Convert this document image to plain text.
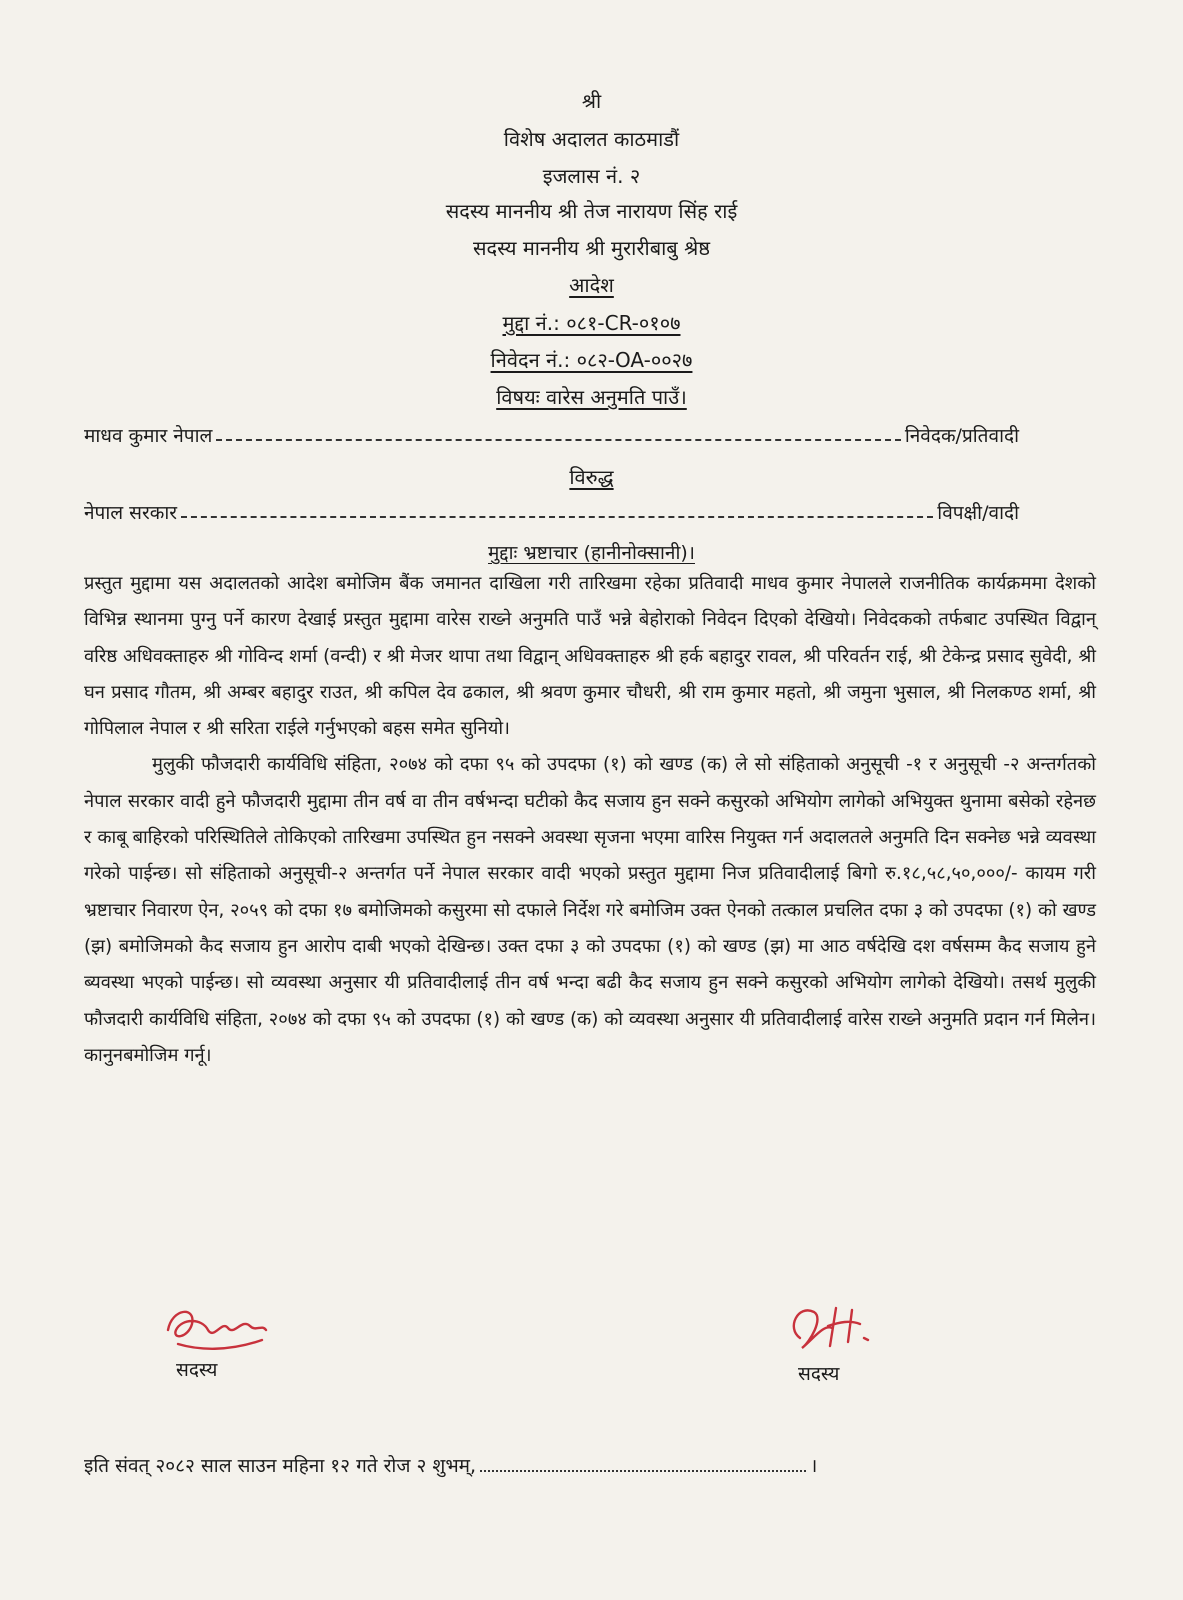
श्री
विशेष अदालत काठमाडौं
इजलास नं. २
सदस्य माननीय श्री तेज नारायण सिंह राई
सदस्य माननीय श्री मुरारीबाबु श्रेष्ठ
आदेश
मुद्दा नं.: ०८१-CR-०१०७
निवेदन नं.: ०८२-OA-००२७
विषयः वारेस अनुमति पाउँ।
माधव कुमार नेपाल	निवेदक/प्रतिवादी
विरुद्ध
नेपाल सरकार	विपक्षी/वादी
मुद्दाः भ्रष्टाचार (हानीनोक्सानी)।

प्रस्तुत मुद्दामा यस अदालतको आदेश बमोजिम बैंक जमानत दाखिला गरी तारिखमा रहेका प्रतिवादी माधव कुमार नेपालले राजनीतिक कार्यक्रममा देशको विभिन्न स्थानमा पुग्नु पर्ने कारण देखाई प्रस्तुत मुद्दामा वारेस राख्ने अनुमति पाउँ भन्ने बेहोराको निवेदन दिएको देखियो। निवेदकको तर्फबाट उपस्थित विद्वान् वरिष्ठ अधिवक्ताहरु श्री गोविन्द शर्मा (वन्दी) र श्री मेजर थापा तथा विद्वान् अधिवक्ताहरु श्री हर्क बहादुर रावल, श्री परिवर्तन राई, श्री टेकेन्द्र प्रसाद सुवेदी, श्री घन प्रसाद गौतम, श्री अम्बर बहादुर राउत, श्री कपिल देव ढकाल, श्री श्रवण कुमार चौधरी, श्री राम कुमार महतो, श्री जमुना भुसाल, श्री निलकण्ठ शर्मा, श्री गोपिलाल नेपाल र श्री सरिता राईले गर्नुभएको बहस समेत सुनियो।

मुलुकी फौजदारी कार्यविधि संहिता, २०७४ को दफा ९५ को उपदफा (१) को खण्ड (क) ले सो संहिताको अनुसूची -१ र अनुसूची -२ अन्तर्गतको नेपाल सरकार वादी हुने फौजदारी मुद्दामा तीन वर्ष वा तीन वर्षभन्दा घटीको कैद सजाय हुन सक्ने कसुरको अभियोग लागेको अभियुक्त थुनामा बसेको रहेनछ र काबू बाहिरको परिस्थितिले तोकिएको तारिखमा उपस्थित हुन नसक्ने अवस्था सृजना भएमा वारिस नियुक्त गर्न अदालतले अनुमति दिन सक्नेछ भन्ने व्यवस्था गरेको पाईन्छ। सो संहिताको अनुसूची-२ अन्तर्गत पर्ने नेपाल सरकार वादी भएको प्रस्तुत मुद्दामा निज प्रतिवादीलाई बिगो रु.१८,५८,५०,०००/- कायम गरी भ्रष्टाचार निवारण ऐन, २०५९ को दफा १७ बमोजिमको कसुरमा सो दफाले निर्देश गरे बमोजिम उक्त ऐनको तत्काल प्रचलित दफा ३ को उपदफा (१) को खण्ड (झ) बमोजिमको कैद सजाय हुन आरोप दाबी भएको देखिन्छ। उक्त दफा ३ को उपदफा (१) को खण्ड (झ) मा आठ वर्षदेखि दश वर्षसम्म कैद सजाय हुने ब्यवस्था भएको पाईन्छ। सो व्यवस्था अनुसार यी प्रतिवादीलाई तीन वर्ष भन्दा बढी कैद सजाय हुन सक्ने कसुरको अभियोग लागेको देखियो। तसर्थ मुलुकी फौजदारी कार्यविधि संहिता, २०७४ को दफा ९५ को उपदफा (१) को खण्ड (क) को व्यवस्था अनुसार यी प्रतिवादीलाई वारेस राख्ने अनुमति प्रदान गर्न मिलेन। कानुनबमोजिम गर्नू।

सदस्य	सदस्य
इति संवत् २०८२ साल साउन महिना १२ गते रोज २ शुभम्,	।
